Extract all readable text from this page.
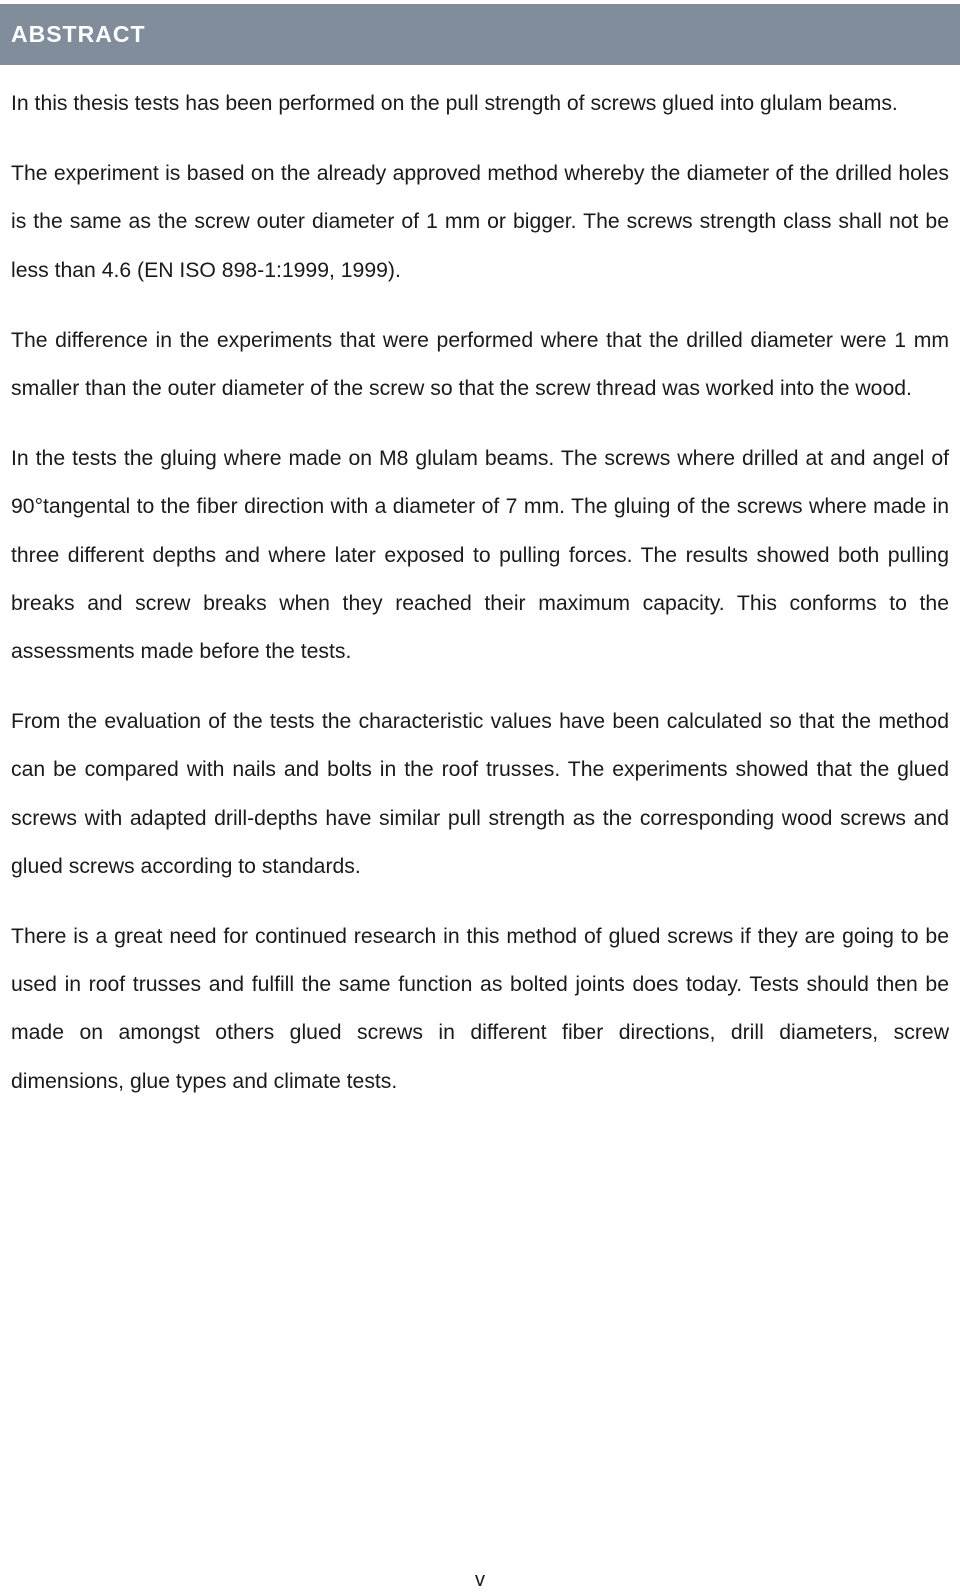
ABSTRACT

In this thesis tests has been performed on the pull strength of screws glued into glulam beams.

The experiment is based on the already approved method whereby the diameter of the drilled holes is the same as the screw outer diameter of 1 mm or bigger. The screws strength class shall not be less than 4.6 (EN ISO 898-1:1999, 1999).

The difference in the experiments that were performed where that the drilled diameter were 1 mm smaller than the outer diameter of the screw so that the screw thread was worked into the wood.

In the tests the gluing where made on M8 glulam beams. The screws where drilled at and angel of 90°tangental to the fiber direction with a diameter of 7 mm. The gluing of the screws where made in three different depths and where later exposed to pulling forces. The results showed both pulling breaks and screw breaks when they reached their maximum capacity. This conforms to the assessments made before the tests.

From the evaluation of the tests the characteristic values have been calculated so that the method can be compared with nails and bolts in the roof trusses. The experiments showed that the glued screws with adapted drill-depths have similar pull strength as the corresponding wood screws and glued screws according to standards.

There is a great need for continued research in this method of glued screws if they are going to be used in roof trusses and fulfill the same function as bolted joints does today. Tests should then be made on amongst others glued screws in different fiber directions, drill diameters, screw dimensions, glue types and climate tests.

v
